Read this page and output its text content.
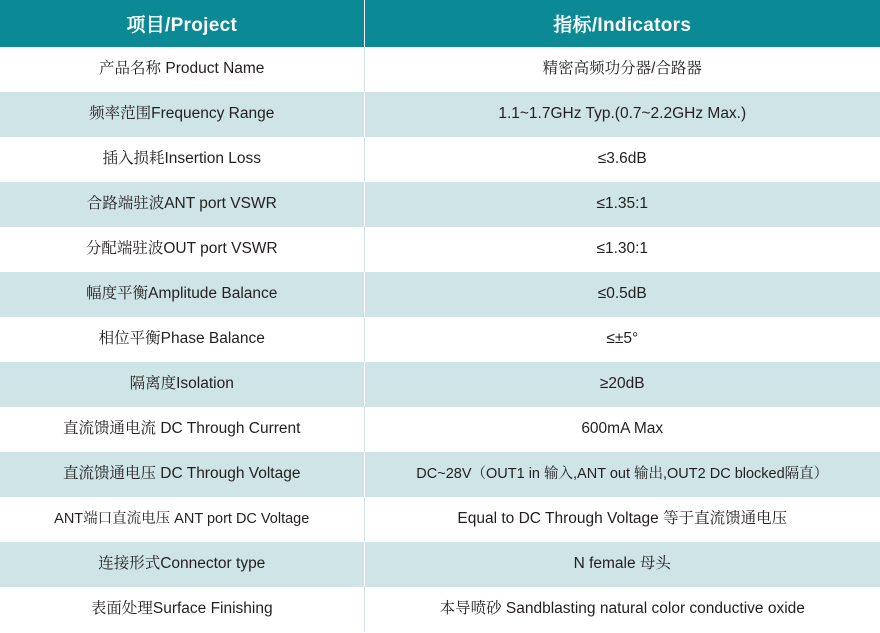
项目/Project	指标/Indicators
产品名称 Product Name	精密高频功分器/合路器
频率范围Frequency Range	1.1~1.7GHz Typ.(0.7~2.2GHz Max.)
插入损耗Insertion Loss	≤3.6dB
合路端驻波ANT port VSWR	≤1.35:1
分配端驻波OUT port VSWR	≤1.30:1
幅度平衡Amplitude Balance	≤0.5dB
相位平衡Phase Balance	≤±5°
隔离度Isolation	≥20dB
直流馈通电流 DC Through Current	600mA Max
直流馈通电压 DC Through Voltage	DC~28V（OUT1 in 输入,ANT out 输出,OUT2 DC blocked隔直）
ANT端口直流电压 ANT port DC Voltage	Equal to DC Through Voltage 等于直流馈通电压
连接形式Connector type	N female 母头
表面处理Surface Finishing	本导喷砂 Sandblasting natural color conductive oxide
